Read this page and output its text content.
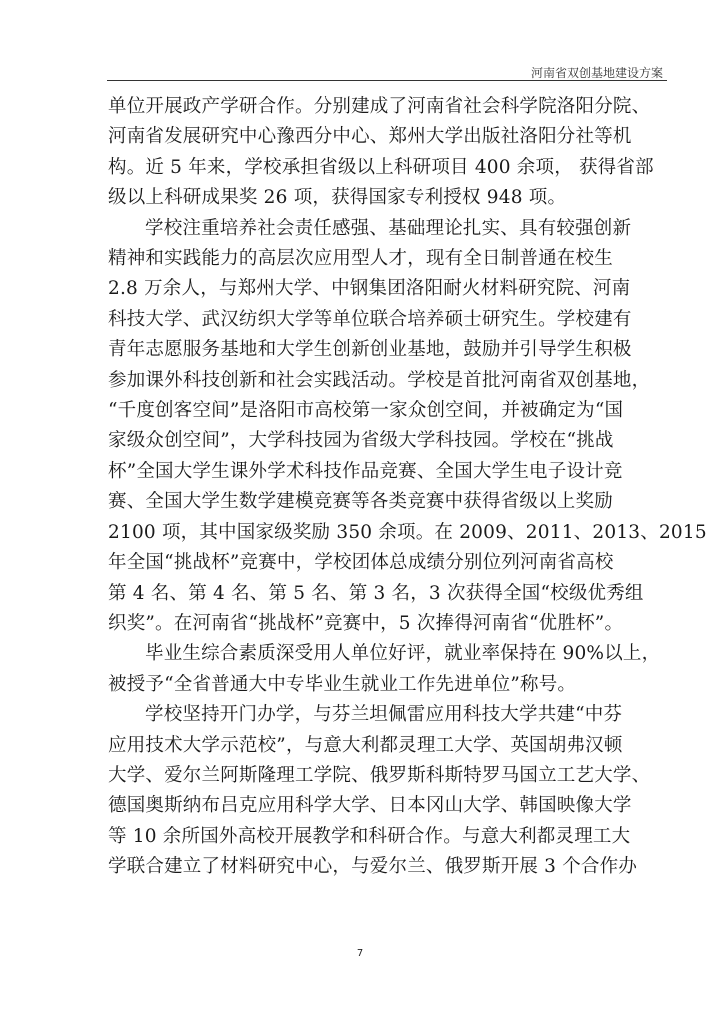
河南省双创基地建设方案
单位开展政产学研合作。分别建成了河南省社会科学院洛阳分院、
河南省发展研究中心豫西分中心、郑州大学出版社洛阳分社等机
构。近 5 年来，学校承担省级以上科研项目 400 余项， 获得省部
级以上科研成果奖 26 项，获得国家专利授权 948 项。
学校注重培养社会责任感强、基础理论扎实、具有较强创新
精神和实践能力的高层次应用型人才，现有全日制普通在校生
2.8 万余人，与郑州大学、中钢集团洛阳耐火材料研究院、河南
科技大学、武汉纺织大学等单位联合培养硕士研究生。学校建有
青年志愿服务基地和大学生创新创业基地，鼓励并引导学生积极
参加课外科技创新和社会实践活动。学校是首批河南省双创基地，
“千度创客空间”是洛阳市高校第一家众创空间，并被确定为“国
家级众创空间”，大学科技园为省级大学科技园。学校在“挑战
杯”全国大学生课外学术科技作品竞赛、全国大学生电子设计竞
赛、全国大学生数学建模竞赛等各类竞赛中获得省级以上奖励
2100 项，其中国家级奖励 350 余项。在 2009、2011、2013、2015
年全国“挑战杯”竞赛中，学校团体总成绩分别位列河南省高校
第 4 名、第 4 名、第 5 名、第 3 名，3 次获得全国“校级优秀组
织奖”。在河南省“挑战杯”竞赛中，5 次捧得河南省“优胜杯”。
毕业生综合素质深受用人单位好评，就业率保持在 90%以上，
被授予“全省普通大中专毕业生就业工作先进单位”称号。
学校坚持开门办学，与芬兰坦佩雷应用科技大学共建“中芬
应用技术大学示范校”，与意大利都灵理工大学、英国胡弗汉顿
大学、爱尔兰阿斯隆理工学院、俄罗斯科斯特罗马国立工艺大学、
德国奥斯纳布吕克应用科学大学、日本冈山大学、韩国映像大学
等 10 余所国外高校开展教学和科研合作。与意大利都灵理工大
学联合建立了材料研究中心，与爱尔兰、俄罗斯开展 3 个合作办
7
